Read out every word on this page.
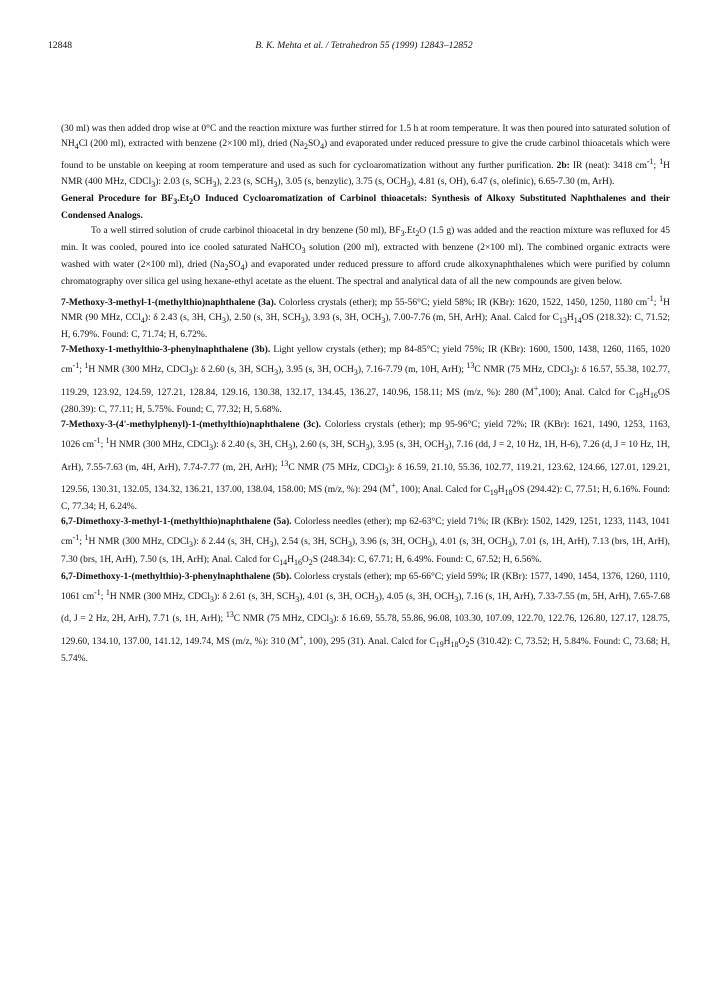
12848	B. K. Mehta et al. / Tetrahedron 55 (1999) 12843–12852

(30 ml) was then added drop wise at 0°C and the reaction mixture was further stirred for 1.5 h at room temperature. It was then poured into saturated solution of $NH_4Cl$ (200 ml), extracted with benzene (2×100 ml), dried $(Na_2SO_4)$ and evaporated under reduced pressure to give the crude carbinol thioacetals which were found to be unstable on keeping at room temperature and used as such for cycloaromatization without any further purification. 2b: IR (neat): 3418 $cm^{-1}$; $^1$H NMR (400 MHz, CDCl$_3$): 2.03 (s, $SCH_3$), 2.23 (s, $SCH_3$), 3.05 (s, benzylic), 3.75 (s, $OCH_3$), 4.81 (s, OH), 6.47 (s, olefinic), 6.65-7.30 (m, ArH).

General Procedure for $BF_3.Et_2O$ Induced Cycloaromatization of Carbinol thioacetals: Synthesis of Alkoxy Substituted Naphthalenes and their Condensed Analogs.

To a well stirred solution of crude carbinol thioacetal in dry benzene (50 ml), $BF_3.Et_2O$ (1.5 g) was added and the reaction mixture was refluxed for 45 min. It was cooled, poured into ice cooled saturated NaHCO$_3$ solution (200 ml), extracted with benzene (2×100 ml). The combined organic extracts were washed with water (2×100 ml), dried $(Na_2SO_4)$ and evaporated under reduced pressure to afford crude alkoxynaphthalenes which were purified by column chromatography over silica gel using hexane-ethyl acetate as the eluent. The spectral and analytical data of all the new compounds are given below.

7-Methoxy-3-methyl-1-(methylthio)naphthalene (3a). Colorless crystals (ether); mp 55-56°C; yield 58%; IR (KBr): 1620, 1522, 1450, 1250, 1180 $cm^{-1}$; $^1$H NMR (90 MHz, CCl$_4$): δ 2.43 (s, 3H, $CH_3$), 2.50 (s, 3H, $SCH_3$), 3.93 (s, 3H, $OCH_3$), 7.00-7.76 (m, 5H, ArH); Anal. Calcd for $C_{13}H_{14}OS$ (218.32): C, 71.52; H, 6.79%. Found: C, 71.74; H, 6.72%.

7-Methoxy-1-methylthio-3-phenylnaphthalene (3b). Light yellow crystals (ether); mp 84-85°C; yield 75%; IR (KBr): 1600, 1500, 1438, 1260, 1165, 1020 $cm^{-1}$; $^1$H NMR (300 MHz, CDCl$_3$): δ 2.60 (s, 3H, $SCH_3$), 3.95 (s, 3H, $OCH_3$), 7.16-7.79 (m, 10H, ArH); $^{13}$C NMR (75 MHz, CDCl$_3$): δ 16.57, 55.38, 102.77, 119.29, 123.92, 124.59, 127.21, 128.84, 129.16, 130.38, 132.17, 134.45, 136.27, 140.96, 158.11; MS (m/z, %): 280 (M+,100); Anal. Calcd for $C_{18}H_{16}OS$ (280.39): C, 77.11; H, 5.75%. Found; C, 77.32; H, 5.68%.

7-Methoxy-3-(4'-methylphenyl)-1-(methylthio)naphthalene (3c). Colorless crystals (ether); mp 95-96°C; yield 72%; IR (KBr): 1621, 1490, 1253, 1163, 1026 $cm^{-1}$; $^1$H NMR (300 MHz, CDCl$_3$): δ 2.40 (s, 3H, $CH_3$), 2.60 (s, 3H, $SCH_3$), 3.95 (s, 3H, $OCH_3$), 7.16 (dd, J = 2, 10 Hz, 1H, H-6), 7.26 (d, J = 10 Hz, 1H, ArH), 7.55-7.63 (m, 4H, ArH), 7.74-7.77 (m, 2H, ArH); $^{13}$C NMR (75 MHz, CDCl$_3$): δ 16.59, 21.10, 55.36, 102.77, 119.21, 123.62, 124.66, 127.01, 129.21, 129.56, 130.31, 132.05, 134.32, 136.21, 137.00, 138.04, 158.00; MS (m/z, %): 294 (M+, 100); Anal. Calcd for $C_{19}H_{18}OS$ (294.42): C, 77.51; H, 6.16%. Found: C, 77.34; H, 6.24%.

6,7-Dimethoxy-3-methyl-1-(methylthio)naphthalene (5a). Colorless needles (ether); mp 62-63°C; yield 71%; IR (KBr): 1502, 1429, 1251, 1233, 1143, 1041 $cm^{-1}$; $^1$H NMR (300 MHz, CDCl$_3$): δ 2.44 (s, 3H, $CH_3$), 2.54 (s, 3H, $SCH_3$), 3.96 (s, 3H, $OCH_3$), 4.01 (s, 3H, $OCH_3$), 7.01 (s, 1H, ArH), 7.13 (brs, 1H, ArH), 7.30 (brs, 1H, ArH), 7.50 (s, 1H, ArH); Anal. Calcd for $C_{14}H_{16}O_2S$ (248.34): C, 67.71; H, 6.49%. Found: C, 67.52; H, 6.56%.

6,7-Dimethoxy-1-(methylthio)-3-phenylnaphthalene (5b). Colorless crystals (ether); mp 65-66°C; yield 59%; IR (KBr): 1577, 1490, 1454, 1376, 1260, 1110, 1061 $cm^{-1}$; $^1$H NMR (300 MHz, CDCl$_3$): δ 2.61 (s, 3H, $SCH_3$), 4.01 (s, 3H, $OCH_3$), 4.05 (s, 3H, $OCH_3$), 7.16 (s, 1H, ArH), 7.33-7.55 (m, 5H, ArH), 7.65-7.68 (d, J = 2 Hz, 2H, ArH), 7.71 (s, 1H, ArH); $^{13}$C NMR (75 MHz, CDCl$_3$): δ 16.69, 55.78, 55.86, 96.08, 103.30, 107.09, 122.70, 122.76, 126.80, 127.17, 128.75, 129.60, 134.10, 137.00, 141.12, 149.74, MS (m/z, %): 310 (M+, 100), 295 (31). Anal. Calcd for $C_{19}H_{18}O_2S$ (310.42): C, 73.52; H, 5.84%. Found: C, 73.68; H, 5.74%.
